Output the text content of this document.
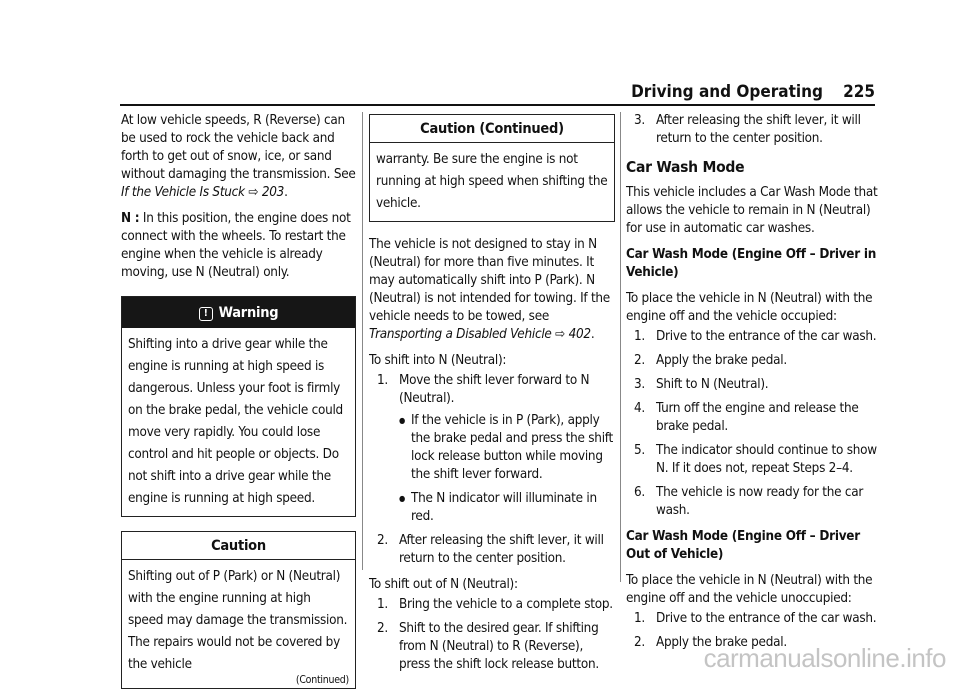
Driving and Operating 225

At low vehicle speeds, R (Reverse) can be used to rock the vehicle back and forth to get out of snow, ice, or sand without damaging the transmission. See If the Vehicle Is Stuck ⇨ 203.

N : In this position, the engine does not connect with the wheels. To restart the engine when the vehicle is already moving, use N (Neutral) only.

! Warning
Shifting into a drive gear while the engine is running at high speed is dangerous. Unless your foot is firmly on the brake pedal, the vehicle could move very rapidly. You could lose control and hit people or objects. Do not shift into a drive gear while the engine is running at high speed.
Caution
Shifting out of P (Park) or N (Neutral) with the engine running at high speed may damage the transmission. The repairs would not be covered by the vehicle
(Continued)
Caution (Continued)
warranty. Be sure the engine is not running at high speed when shifting the vehicle.

The vehicle is not designed to stay in N (Neutral) for more than five minutes. It may automatically shift into P (Park). N (Neutral) is not intended for towing. If the vehicle needs to be towed, see Transporting a Disabled Vehicle ⇨ 402.

To shift into N (Neutral):

1. Move the shift lever forward to N (Neutral).
● If the vehicle is in P (Park), apply the brake pedal and press the shift lock release button while moving the shift lever forward.
● The N indicator will illuminate in red.
2. After releasing the shift lever, it will return to the center position.

To shift out of N (Neutral):

1. Bring the vehicle to a complete stop.
2. Shift to the desired gear. If shifting from N (Neutral) to R (Reverse), press the shift lock release button.
3. After releasing the shift lever, it will return to the center position.
Car Wash Mode

This vehicle includes a Car Wash Mode that allows the vehicle to remain in N (Neutral) for use in automatic car washes.

Car Wash Mode (Engine Off – Driver in Vehicle)

To place the vehicle in N (Neutral) with the engine off and the vehicle occupied:

1. Drive to the entrance of the car wash.
2. Apply the brake pedal.
3. Shift to N (Neutral).
4. Turn off the engine and release the brake pedal.
5. The indicator should continue to show N. If it does not, repeat Steps 2–4.
6. The vehicle is now ready for the car wash.

Car Wash Mode (Engine Off – Driver Out of Vehicle)

To place the vehicle in N (Neutral) with the engine off and the vehicle unoccupied:

1. Drive to the entrance of the car wash.
2. Apply the brake pedal.
carmanualsonline.info
